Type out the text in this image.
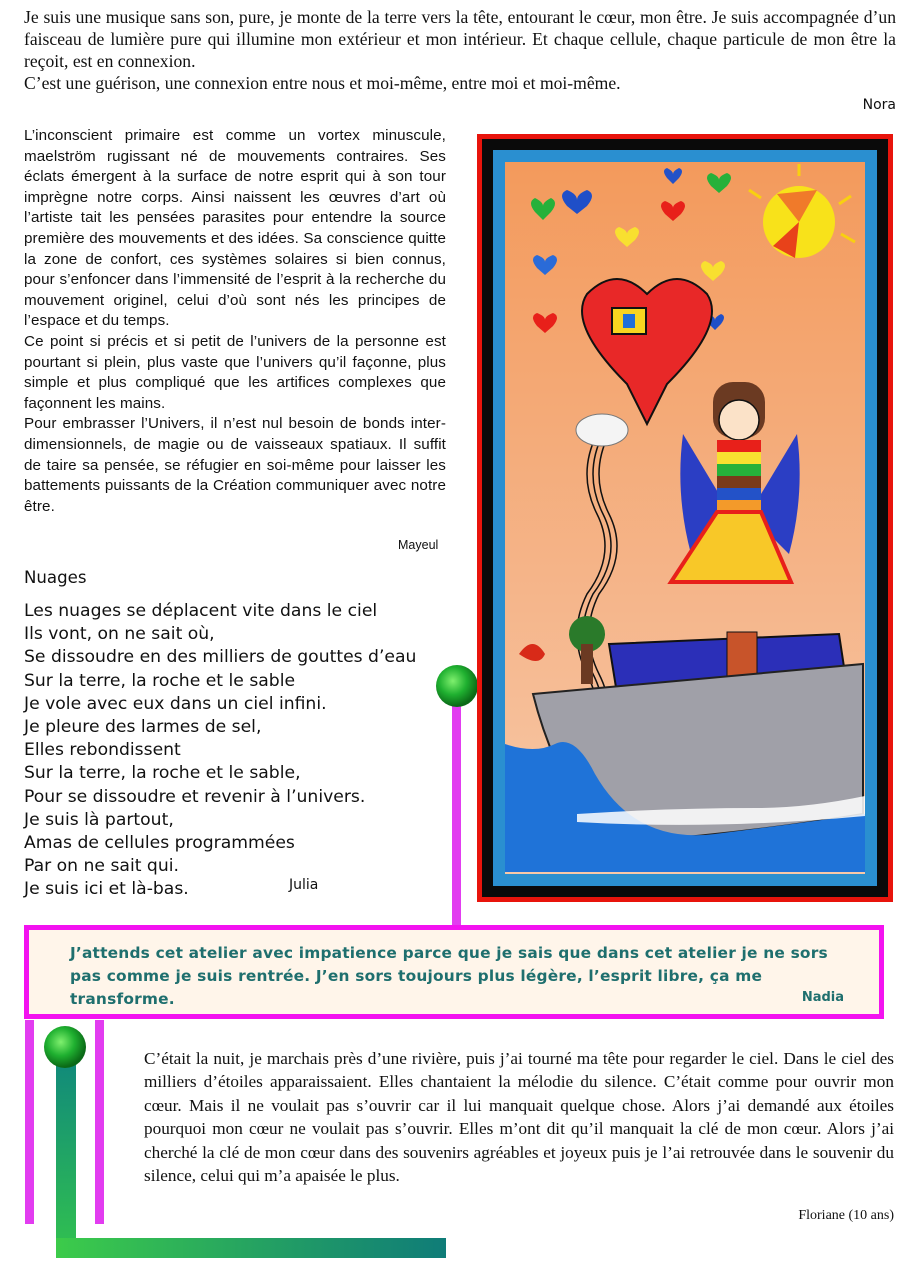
Je suis une musique sans son, pure, je monte de la terre vers la tête, entourant le cœur, mon être. Je suis accompagnée d’un faisceau de lumière pure qui illumine mon extérieur et mon intérieur. Et chaque cellule, chaque particule de mon être la reçoit, est en connexion.

C’est une guérison, une connexion entre nous et moi-même, entre moi et moi-même.

Nora

L’inconscient primaire est comme un vortex minuscule, maelström rugissant né de mouvements contraires. Ses éclats émergent à la surface de notre esprit qui à son tour imprègne notre corps. Ainsi naissent les œuvres d’art où l’artiste tait les pensées parasites pour entendre la source première des mouvements et des idées. Sa conscience quitte la zone de confort, ces systèmes solaires si bien connus, pour s’enfoncer dans l’immensité de l’esprit à la recherche du mouvement originel, celui d’où sont nés les principes de l’espace et du temps.

Ce point si précis et si petit de l’univers de la personne est pourtant si plein, plus vaste que l’univers qu’il façonne, plus simple et plus compliqué que les artifices complexes que façonnent les mains.

Pour embrasser l’Univers, il n’est nul besoin de bonds inter-dimensionnels, de magie ou de vaisseaux spatiaux. Il suffit de taire sa pensée, se réfugier en soi-même pour laisser les battements puissants de la Création communiquer avec notre être.

Mayeul
Nuages
Les nuages se déplacent vite dans le ciel
Ils vont, on ne sait où,
Se dissoudre en des milliers de gouttes d’eau
Sur la terre, la roche et le sable
Je vole avec eux dans un ciel infini.
Je pleure des larmes de sel,
Elles rebondissent
Sur la terre, la roche et le sable,
Pour se dissoudre et revenir à l’univers.
Je suis là partout,
Amas de cellules programmées
Par on ne sait qui.
Je suis ici et là-bas.	Julia
J’attends cet atelier avec impatience parce que je sais que dans cet atelier je ne sors pas comme je suis rentrée. J’en sors toujours plus légère, l’esprit libre, ça me transforme.	Nadia
C’était la nuit, je marchais près d’une rivière, puis j’ai tourné ma tête pour regarder le ciel. Dans le ciel des milliers d’étoiles apparaissaient. Elles chantaient la mélodie du silence. C’était comme pour ouvrir mon cœur. Mais il ne voulait pas s’ouvrir car il lui manquait quelque chose. Alors j’ai demandé aux étoiles pourquoi mon cœur ne voulait pas s’ouvrir. Elles m’ont dit qu’il manquait la clé de mon cœur. Alors j’ai cherché la clé de mon cœur dans des souvenirs agréables et joyeux puis je l’ai retrouvée dans le souvenir du silence, celui qui m’a apaisée le plus.
Floriane (10 ans)
